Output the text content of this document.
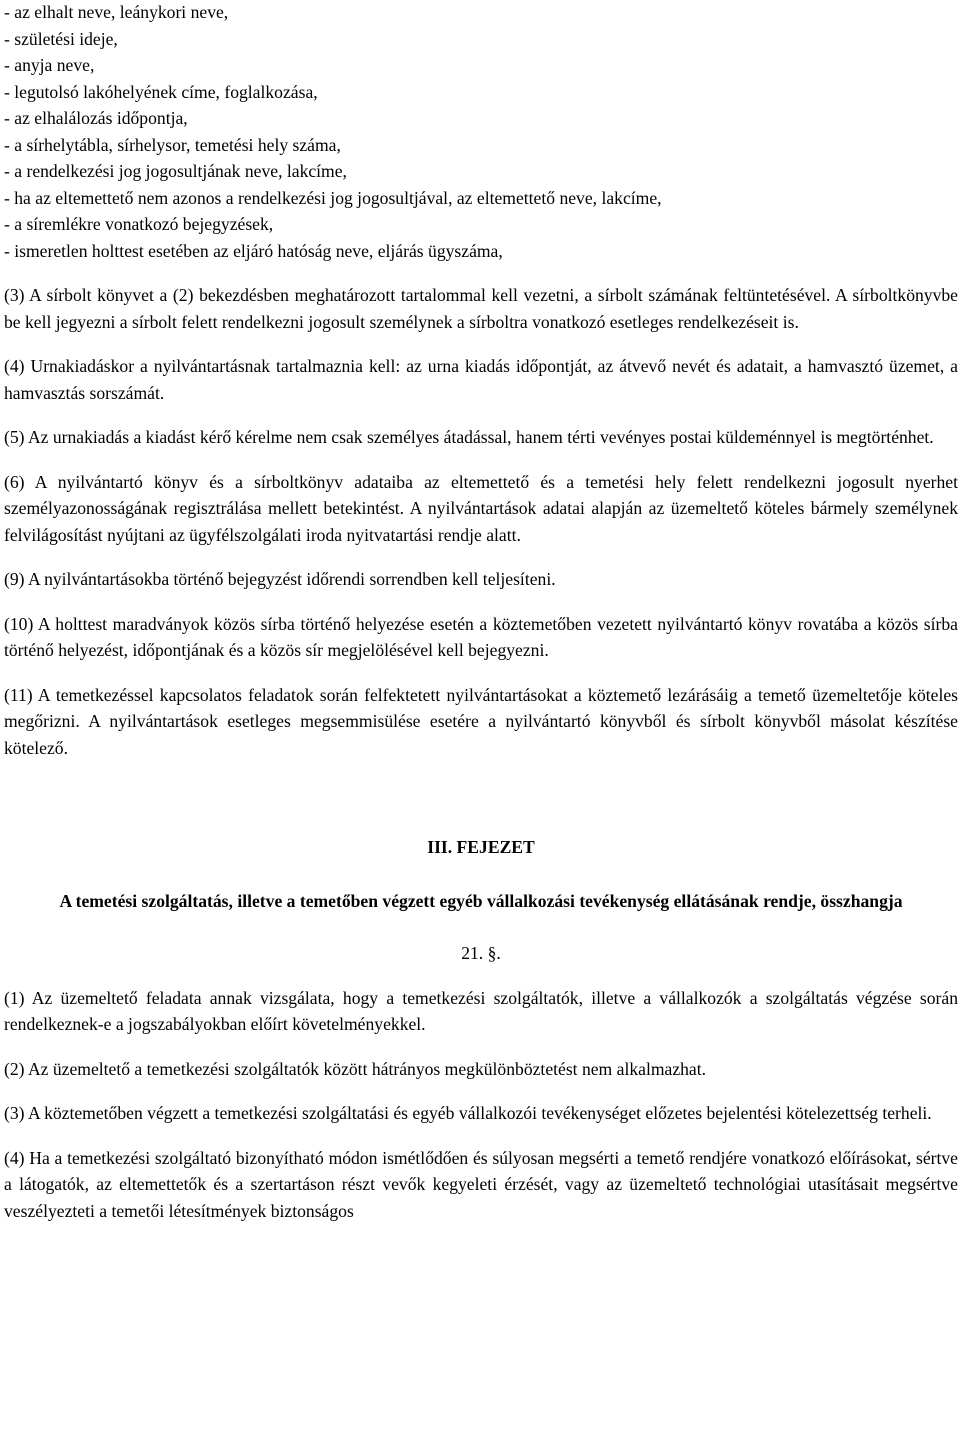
- az elhalt neve, leánykori neve,
- születési ideje,
- anyja neve,
- legutolsó lakóhelyének címe, foglalkozása,
- az elhalálozás időpontja,
- a sírhelytábla, sírhelysor, temetési hely száma,
- a rendelkezési jog jogosultjának neve, lakcíme,
- ha az eltemettető nem azonos a rendelkezési jog jogosultjával, az eltemettető neve, lakcíme,
- a síremlékre vonatkozó bejegyzések,
- ismeretlen holttest esetében az eljáró hatóság neve, eljárás ügyszáma,

(3) A sírbolt könyvet a (2) bekezdésben meghatározott tartalommal kell vezetni, a sírbolt számának feltüntetésével. A sírboltkönyvbe be kell jegyezni a sírbolt felett rendelkezni jogosult személynek a sírboltra vonatkozó esetleges rendelkezéseit is.

(4) Urnakiadáskor a nyilvántartásnak tartalmaznia kell: az urna kiadás időpontját, az átvevő nevét és adatait, a hamvasztó üzemet, a hamvasztás sorszámát.

(5) Az urnakiadás a kiadást kérő kérelme nem csak személyes átadással, hanem térti vevényes postai küldeménnyel is megtörténhet.

(6) A nyilvántartó könyv és a sírboltkönyv adataiba az eltemettető és a temetési hely felett rendelkezni jogosult nyerhet személyazonosságának regisztrálása mellett betekintést. A nyilvántartások adatai alapján az üzemeltető köteles bármely személynek felvilágosítást nyújtani az ügyfélszolgálati iroda nyitvatartási rendje alatt.

(9) A nyilvántartásokba történő bejegyzést időrendi sorrendben kell teljesíteni.

(10) A holttest maradványok közös sírba történő helyezése esetén a köztemetőben vezetett nyilvántartó könyv rovatába a közös sírba történő helyezést, időpontjának és a közös sír megjelölésével kell bejegyezni.

(11) A temetkezéssel kapcsolatos feladatok során felfektetett nyilvántartásokat a köztemető lezárásáig a temető üzemeltetője köteles megőrizni. A nyilvántartások esetleges megsemmisülése esetére a nyilvántartó könyvből és sírbolt könyvből másolat készítése kötelező.

III. FEJEZET
A temetési szolgáltatás, illetve a temetőben végzett egyéb vállalkozási tevékenység ellátásának rendje, összhangja
21. §.

(1) Az üzemeltető feladata annak vizsgálata, hogy a temetkezési szolgáltatók, illetve a vállalkozók a szolgáltatás végzése során rendelkeznek-e a jogszabályokban előírt követelményekkel.

(2) Az üzemeltető a temetkezési szolgáltatók között hátrányos megkülönböztetést nem alkalmazhat.

(3) A köztemetőben végzett a temetkezési szolgáltatási és egyéb vállalkozói tevékenységet előzetes bejelentési kötelezettség terheli.

(4) Ha a temetkezési szolgáltató bizonyítható módon ismétlődően és súlyosan megsérti a temető rendjére vonatkozó előírásokat, sértve a látogatók, az eltemettetők és a szertartáson részt vevők kegyeleti érzését, vagy az üzemeltető technológiai utasításait megsértve veszélyezteti a temetői létesítmények biztonságos
